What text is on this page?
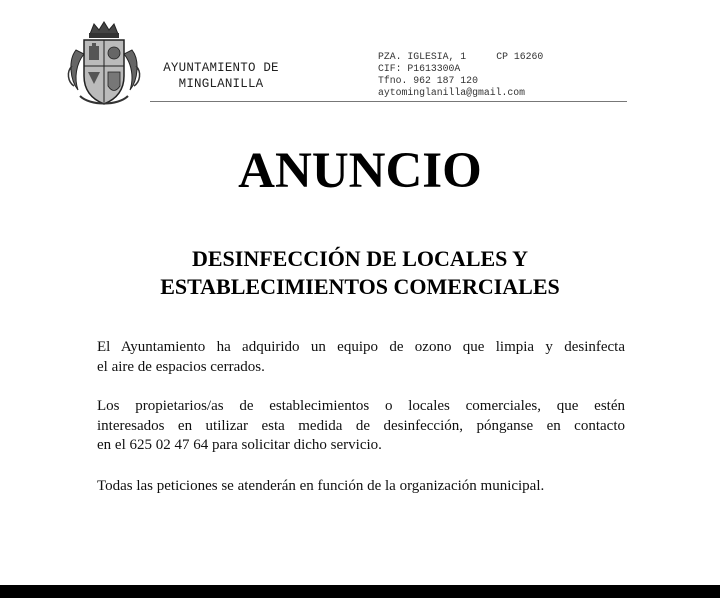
AYUNTAMIENTO DE
MINGLANILLA
PZA. IGLESIA, 1	CP 16260
CIF: P1613300A
Tfno. 962 187 120
aytominglanilla@gmail.com
ANUNCIO
DESINFECCIÓN DE LOCALES Y
ESTABLECIMIENTOS COMERCIALES
El Ayuntamiento ha adquirido un equipo de ozono que limpia y desinfecta
el aire de espacios cerrados.
Los propietarios/as de establecimientos o locales comerciales, que estén
interesados en utilizar esta medida de desinfección, pónganse en contacto
en el 625 02 47 64 para solicitar dicho servicio.
Todas las peticiones se atenderán en función de la organización municipal.
